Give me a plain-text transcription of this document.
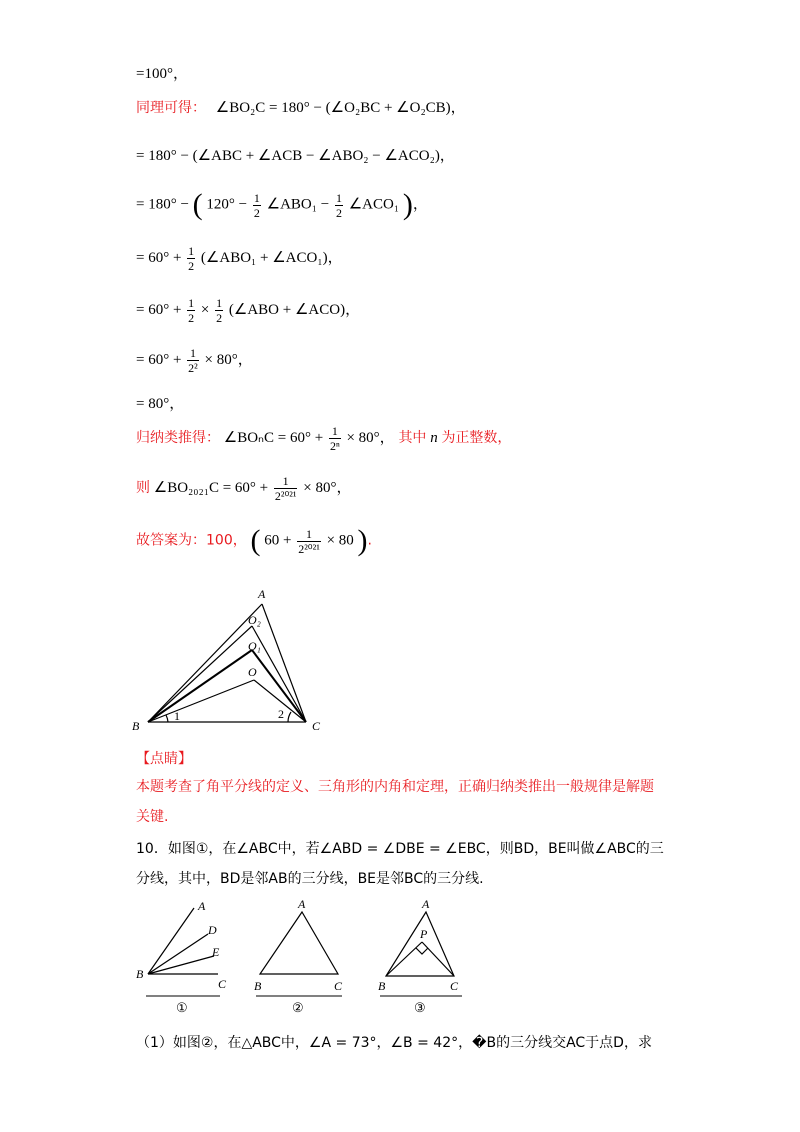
=100°，
同理可得： ∠BO₂C = 180° − (∠O₂BC + ∠O₂CB)，
= 180° − (∠ABC + ∠ACB − ∠ABO₂ − ∠ACO₂)，
= 180° − ( $120^\circ - \frac{1}{2}$ ∠ABO₁ − $\frac{1}{2}$ ∠ACO₁ )，
= $60^\circ + \frac{1}{2}$ (∠ABO₁ + ∠ACO₁)，
= $60^\circ + \frac{1}{2} \times \frac{1}{2}$ (∠ABO + ∠ACO)，
= $60^\circ + \frac{1}{\text{2²}} \times 80^\circ$，
= 80°，
归纳类推得： ∠BOₙC = $60^\circ + \frac{1}{\text{2ⁿ}} \times 80^\circ$， 其中 n 为正整数，
则 ∠BO₂₀₂₁C = $60^\circ + \frac{1}{\text{2²⁰²¹}} \times 80^\circ$，
故答案为：100， ( $60 + \frac{1}{\text{2²⁰²¹}} \times 80$ ).
A
O₂
O₁
O
B	C
1	2
【点睛】
本题考查了角平分线的定义、三角形的内角和定理，正确归纳类推出一般规律是解题
关键.
10．如图①，在∠ABC中，若∠ABD = ∠DBE = ∠EBC，则BD，BE叫做∠ABC的三
分线，其中，BD是邻AB的三分线，BE是邻BC的三分线.
A
D
E
B
C
①
A
B	C
②
A
P
B	C
③
（1）如图②，在△ABC中，∠A = 73°，∠B = 42°，�B的三分线交AC于点D，求
